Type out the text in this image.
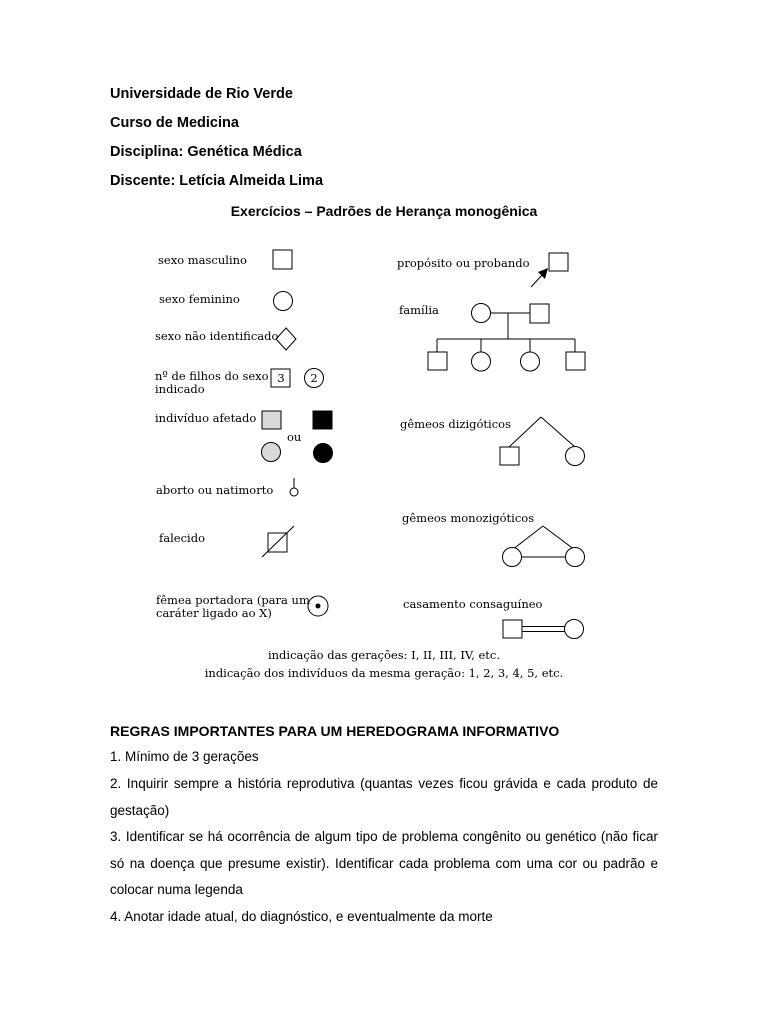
Universidade de Rio Verde
Curso de Medicina
Disciplina: Genética Médica
Discente: Letícia Almeida Lima
Exercícios – Padrões de Herança monogênica
sexo masculino
sexo feminino
sexo não identificado
nº de filhos do sexo indicado
3 2
indivíduo afetado
ou
aborto ou natimorto
falecido
fêmea portadora (para um caráter ligado ao X)
propósito ou probando
família
gêmeos dizigóticos
gêmeos monozigóticos
casamento consaguíneo
indicação das gerações: I, II, III, IV, etc.
indicação dos indivíduos da mesma geração: 1, 2, 3, 4, 5, etc.
REGRAS IMPORTANTES PARA UM HEREDOGRAMA INFORMATIVO
1. Mínimo de 3 gerações
2. Inquirir sempre a história reprodutiva (quantas vezes ficou grávida e cada produto de gestação)
3. Identificar se há ocorrência de algum tipo de problema congênito ou genético (não ficar só na doença que presume existir). Identificar cada problema com uma cor ou padrão e colocar numa legenda
4. Anotar idade atual, do diagnóstico, e eventualmente da morte
